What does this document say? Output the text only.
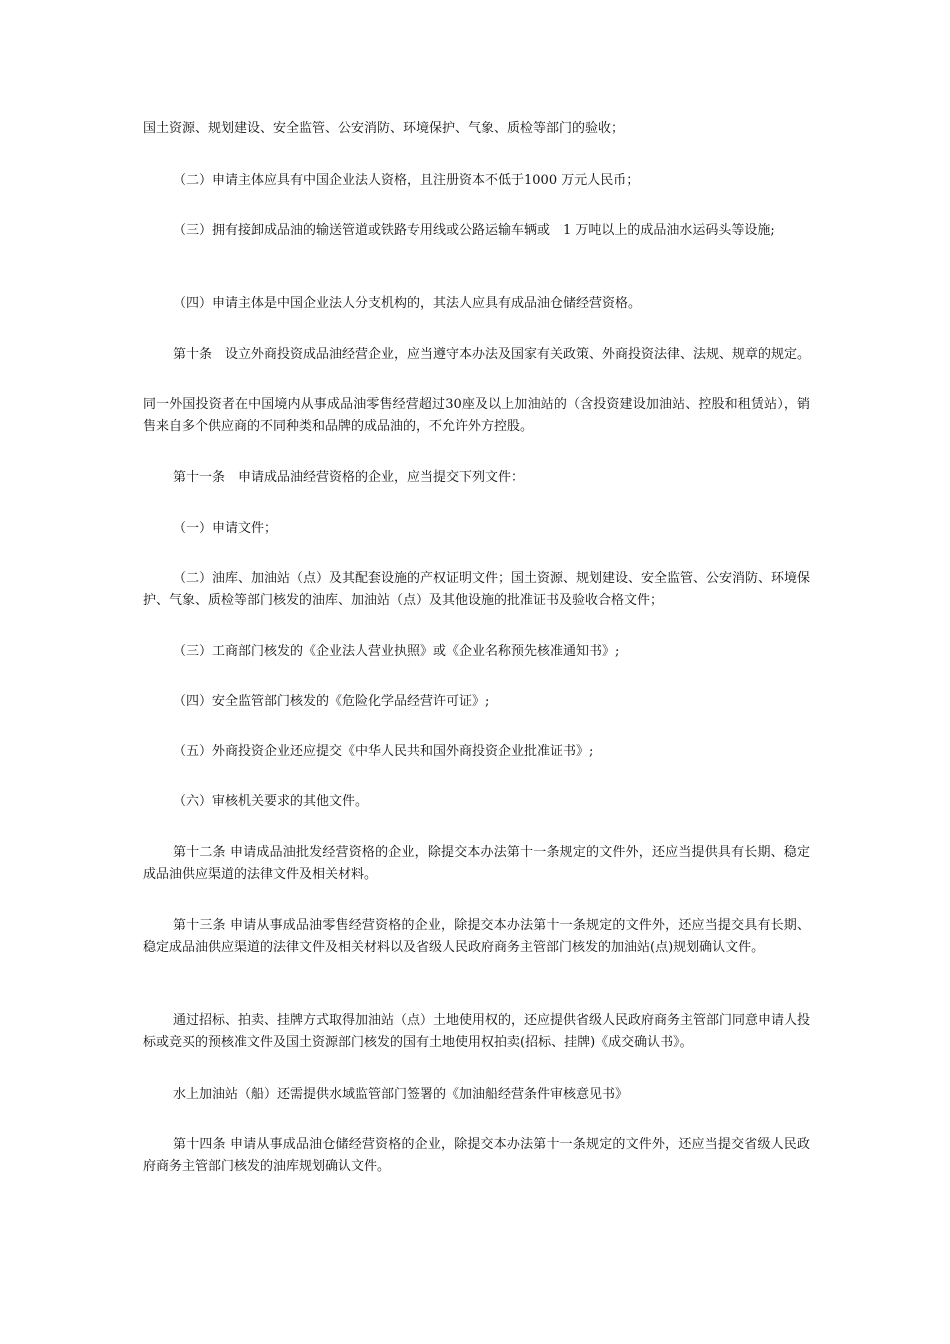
国土资源、规划建设、安全监管、公安消防、环境保护、气象、质检等部门的验收；

（二）申请主体应具有中国企业法人资格，且注册资本不低于1000 万元人民币；

（三）拥有接卸成品油的输送管道或铁路专用线或公路运输车辆或　1 万吨以上的成品油水运码头等设施;

（四）申请主体是中国企业法人分支机构的，其法人应具有成品油仓储经营资格。

第十条　设立外商投资成品油经营企业，应当遵守本办法及国家有关政策、外商投资法律、法规、规章的规定。

同一外国投资者在中国境内从事成品油零售经营超过30座及以上加油站的（含投资建设加油站、控股和租赁站），销售来自多个供应商的不同种类和品牌的成品油的，不允许外方控股。

第十一条　申请成品油经营资格的企业，应当提交下列文件：

（一）申请文件；

（二）油库、加油站（点）及其配套设施的产权证明文件；国土资源、规划建设、安全监管、公安消防、环境保护、气象、质检等部门核发的油库、加油站（点）及其他设施的批准证书及验收合格文件；

（三）工商部门核发的《企业法人营业执照》或《企业名称预先核准通知书》;

（四）安全监管部门核发的《危险化学品经营许可证》;

（五）外商投资企业还应提交《中华人民共和国外商投资企业批准证书》;

（六）审核机关要求的其他文件。

第十二条 申请成品油批发经营资格的企业，除提交本办法第十一条规定的文件外，还应当提供具有长期、稳定成品油供应渠道的法律文件及相关材料。

第十三条 申请从事成品油零售经营资格的企业，除提交本办法第十一条规定的文件外，还应当提交具有长期、稳定成品油供应渠道的法律文件及相关材料以及省级人民政府商务主管部门核发的加油站(点)规划确认文件。

通过招标、拍卖、挂牌方式取得加油站（点）土地使用权的，还应提供省级人民政府商务主管部门同意申请人投标或竞买的预核准文件及国土资源部门核发的国有土地使用权拍卖(招标、挂牌)《成交确认书》。

水上加油站（船）还需提供水域监管部门签署的《加油船经营条件审核意见书》

第十四条 申请从事成品油仓储经营资格的企业，除提交本办法第十一条规定的文件外，还应当提交省级人民政府商务主管部门核发的油库规划确认文件。
